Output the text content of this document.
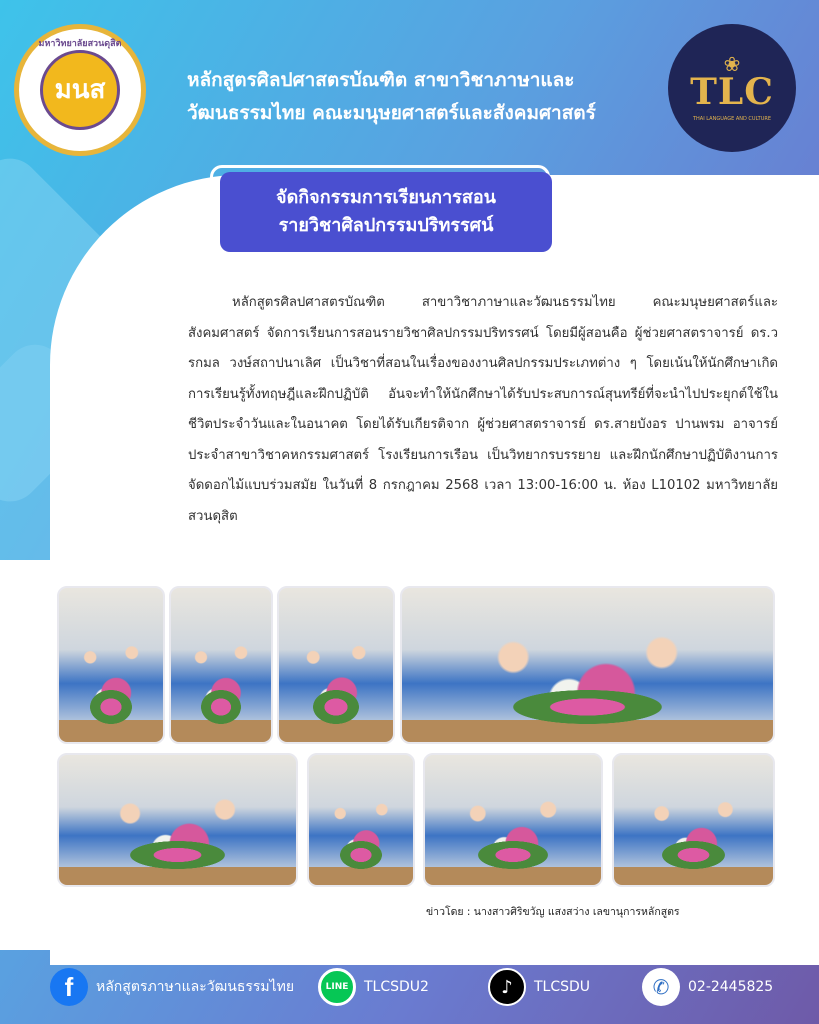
มหาวิทยาลัยสวนดุสิต
มนส	หลักสูตรศิลปศาสตรบัณฑิต สาขาวิชาภาษาและ
วัฒนธรรมไทย คณะมนุษยศาสตร์และสังคมศาสตร์
❀
TLC
THAI LANGUAGE AND CULTURE
จัดกิจกรรมการเรียนการสอน
รายวิชาศิลปกรรมปริทรรศน์

หลักสูตรศิลปศาสตรบัณฑิต สาขาวิชาภาษาและวัฒนธรรมไทย คณะมนุษยศาสตร์และสังคมศาสตร์ จัดการเรียนการสอนรายวิชาศิลปกรรมปริทรรศน์ โดยมีผู้สอนคือ ผู้ช่วยศาสตราจารย์ ดร.วรกมล วงษ์สถาปนาเลิศ เป็นวิชาที่สอนในเรื่องของงานศิลปกรรมประเภทต่าง ๆ โดยเน้นให้นักศึกษาเกิดการเรียนรู้ทั้งทฤษฎีและฝึกปฏิบัติ อันจะทำให้นักศึกษาได้รับประสบการณ์สุนทรีย์ที่จะนำไปประยุกต์ใช้ในชีวิตประจำวันและในอนาคต โดยได้รับเกียรติจาก ผู้ช่วยศาสตราจารย์ ดร.สายบังอร ปานพรม อาจารย์ประจำสาขาวิชาคหกรรมศาสตร์ โรงเรียนการเรือน เป็นวิทยากรบรรยาย และฝึกนักศึกษาปฏิบัติงานการจัดดอกไม้แบบร่วมสมัย ในวันที่ 8 กรกฎาคม 2568 เวลา 13:00-16:00 น. ห้อง L10102 มหาวิทยาลัยสวนดุสิต

ข่าวโดย : นางสาวศิริขวัญ แสงสว่าง เลขานุการหลักสูตร
f	หลักสูตรภาษาและวัฒนธรรมไทย	LINE	TLCSDU2	♪	TLCSDU	✆	02-2445825
